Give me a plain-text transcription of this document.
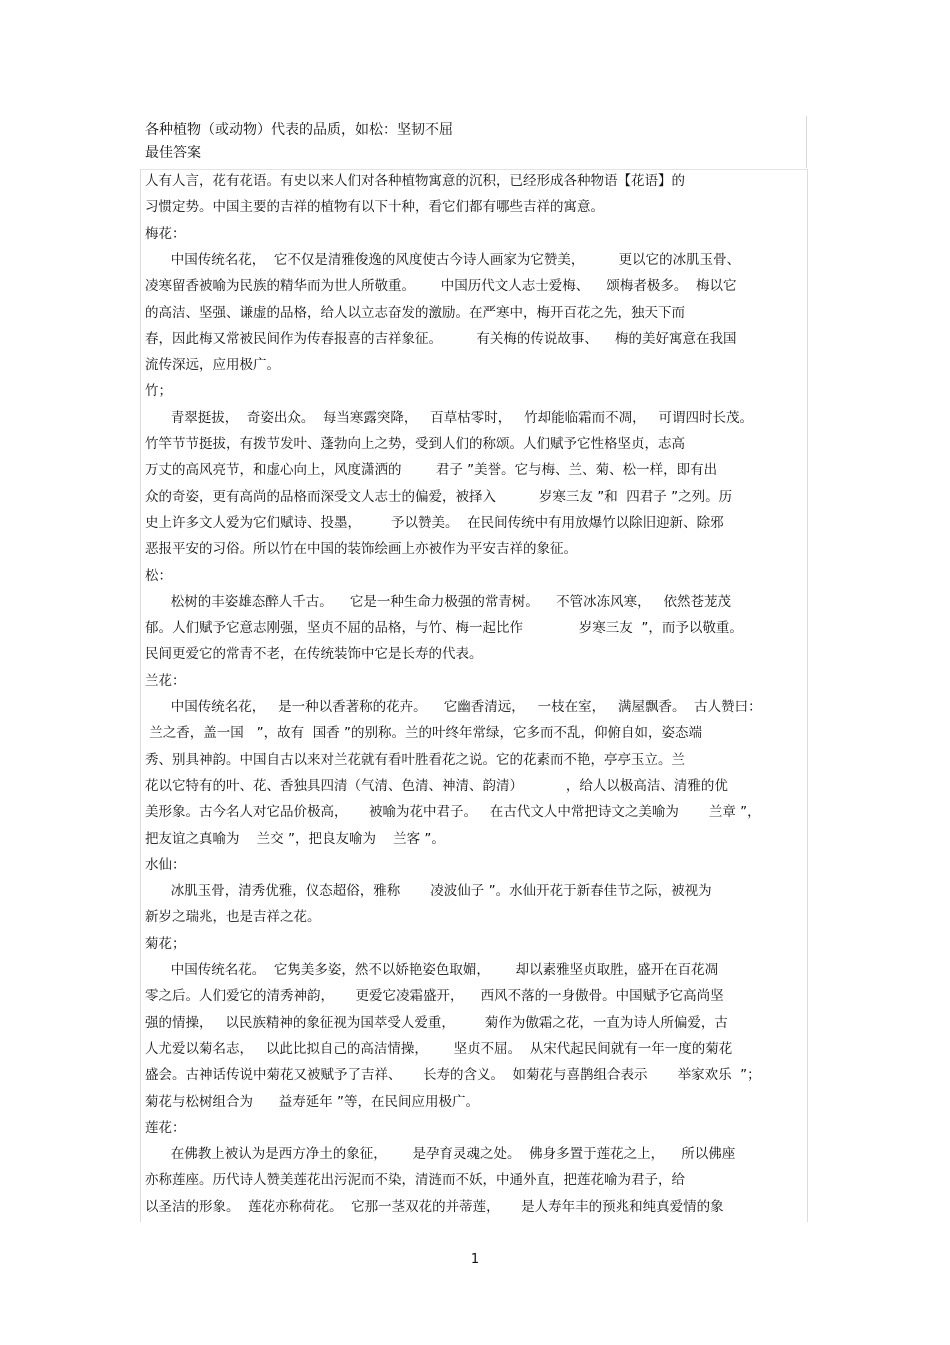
各种植物（或动物）代表的品质，如松：坚韧不屈
最佳答案
人有人言，花有花语。有史以来人们对各种植物寓意的沉积，已经形成各种物语【花语】的
习惯定势。中国主要的吉祥的植物有以下十种，看它们都有哪些吉祥的寓意。
梅花：
中国传统名花，  它不仅是清雅俊逸的风度使古今诗人画家为它赞美，        更以它的冰肌玉骨、
凌寒留香被喻为民族的精华而为世人所敬重。      中国历代文人志士爱梅、    颂梅者极多。  梅以它
的高洁、坚强、谦虚的品格，给人以立志奋发的激励。在严寒中，梅开百花之先，独天下而
春，因此梅又常被民间作为传春报喜的吉祥象征。        有关梅的传说故事、    梅的美好寓意在我国
流传深远，应用极广。
竹；
青翠挺拔，  奇姿出众。  每当寒露突降，   百草枯零时，   竹却能临霜而不凋，   可谓四时长茂。
竹竿节节挺拔，有拨节发叶、蓬勃向上之势，受到人们的称颂。人们赋予它性格坚贞，志高
万丈的高风亮节，和虚心向上，风度潇洒的        君子 ”美誉。它与梅、兰、菊、松一样，即有出
众的奇姿，更有高尚的品格而深受文人志士的偏爱，被择入          岁寒三友 ”和  四君子 ”之列。历
史上许多文人爱为它们赋诗、投墨，       予以赞美。  在民间传统中有用放爆竹以除旧迎新、除邪
恶报平安的习俗。所以竹在中国的装饰绘画上亦被作为平安吉祥的象征。
松：
松树的丰姿雄态醉人千古。    它是一种生命力极强的常青树。    不管冰冻风寒，   依然苍茏茂
郁。人们赋予它意志刚强，坚贞不屈的品格，与竹、梅一起比作             岁寒三友  ”，而予以敬重。
民间更爱它的常青不老，在传统装饰中它是长寿的代表。
兰花：
中国传统名花，   是一种以香著称的花卉。    它幽香清远，   一枝在室，   满屋飘香。  古人赞曰：
兰之香，盖一国   ”，故有  国香 ”的别称。兰的叶终年常绿，它多而不乱，仰俯自如，姿态端
秀、别具神韵。中国自古以来对兰花就有看叶胜看花之说。它的花素而不艳，亭亭玉立。兰
花以它特有的叶、花、香独具四清（气清、色清、神清、韵清）          ，给人以极高洁、清雅的优
美形象。古今名人对它品价极高，     被喻为花中君子。   在古代文人中常把诗文之美喻为       兰章 ”，
把友谊之真喻为    兰交 ”，把良友喻为    兰客 ”。
水仙：
冰肌玉骨，清秀优雅，仪态超俗，雅称       凌波仙子 ”。水仙开花于新春佳节之际，被视为
新岁之瑞兆，也是吉祥之花。
菊花；
中国传统名花。  它隽美多姿，然不以娇艳姿色取媚，      却以素雅坚贞取胜，盛开在百花凋
零之后。人们爱它的清秀神韵，     更爱它凌霜盛开，    西风不落的一身傲骨。中国赋予它高尚坚
强的情操，   以民族精神的象征视为国萃受人爱重，       菊作为傲霜之花，一直为诗人所偏爱，古
人尤爱以菊名志，   以此比拟自己的高洁情操，      坚贞不屈。  从宋代起民间就有一年一度的菊花
盛会。古神话传说中菊花又被赋予了吉祥、     长寿的含义。  如菊花与喜鹊组合表示       举家欢乐  ”；
菊花与松树组合为      益寿延年 ”等，在民间应用极广。
莲花：
在佛教上被认为是西方净土的象征，      是孕育灵魂之处。  佛身多置于莲花之上，    所以佛座
亦称莲座。历代诗人赞美莲花出污泥而不染，清涟而不妖，中通外直，把莲花喻为君子，给
以圣洁的形象。  莲花亦称荷花。  它那一茎双花的并蒂莲，     是人寿年丰的预兆和纯真爱情的象
1
